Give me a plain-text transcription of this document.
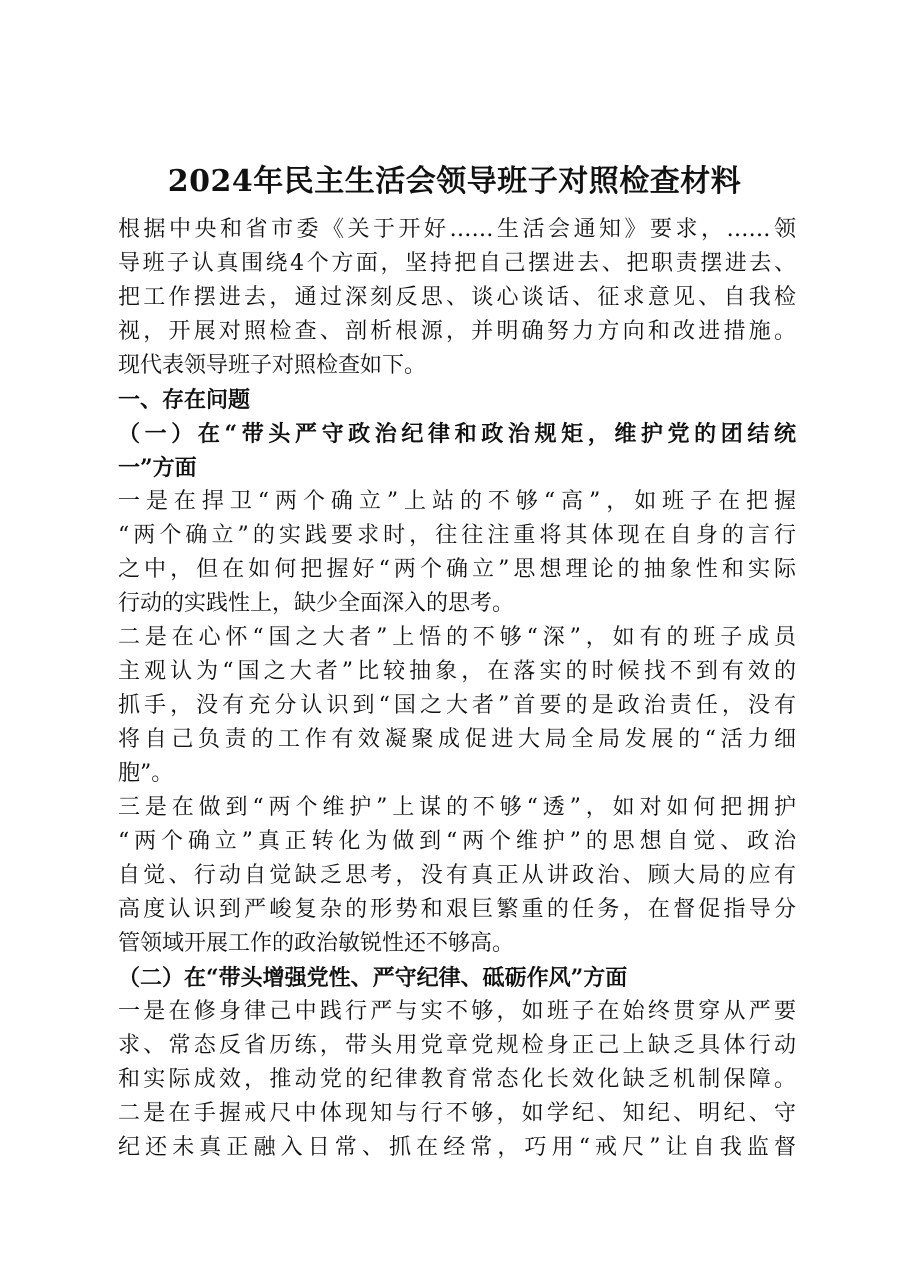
2024年民主生活会领导班子对照检查材料
根据中央和省市委《关于开好……生活会通知》要求，……领
导班子认真围绕4个方面，坚持把自己摆进去、把职责摆进去、
把工作摆进去，通过深刻反思、谈心谈话、征求意见、自我检
视，开展对照检查、剖析根源，并明确努力方向和改进措施。
现代表领导班子对照检查如下。
一、存在问题
（一）在“带头严守政治纪律和政治规矩，维护党的团结统
一”方面
一是在捍卫“两个确立”上站的不够“高”，如班子在把握
“两个确立”的实践要求时，往往注重将其体现在自身的言行
之中，但在如何把握好“两个确立”思想理论的抽象性和实际
行动的实践性上，缺少全面深入的思考。
二是在心怀“国之大者”上悟的不够“深”，如有的班子成员
主观认为“国之大者”比较抽象，在落实的时候找不到有效的
抓手，没有充分认识到“国之大者”首要的是政治责任，没有
将自己负责的工作有效凝聚成促进大局全局发展的“活力细
胞”。
三是在做到“两个维护”上谋的不够“透”，如对如何把拥护
“两个确立”真正转化为做到“两个维护”的思想自觉、政治
自觉、行动自觉缺乏思考，没有真正从讲政治、顾大局的应有
高度认识到严峻复杂的形势和艰巨繁重的任务，在督促指导分
管领域开展工作的政治敏锐性还不够高。
（二）在“带头增强党性、严守纪律、砥砺作风”方面
一是在修身律己中践行严与实不够，如班子在始终贯穿从严要
求、常态反省历练，带头用党章党规检身正己上缺乏具体行动
和实际成效，推动党的纪律教育常态化长效化缺乏机制保障。
二是在手握戒尺中体现知与行不够，如学纪、知纪、明纪、守
纪还未真正融入日常、抓在经常，巧用“戒尺”让自我监督
